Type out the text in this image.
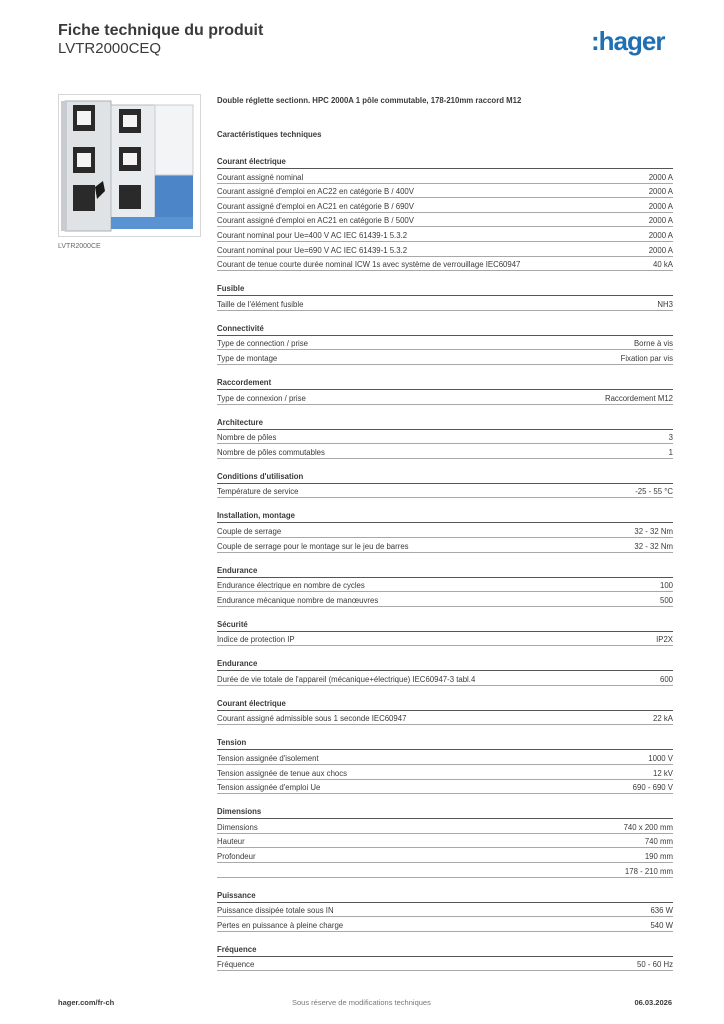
Fiche technique du produit
LVTR2000CEQ	:hager
LVTR2000CE
Double réglette sectionn. HPC 2000A 1 pôle commutable, 178-210mm raccord M12
Caractéristiques techniques
Courant électrique
Courant assigné nominal	2000 A
Courant assigné d'emploi en AC22 en catégorie B / 400V	2000 A
Courant assigné d'emploi en AC21 en catégorie B / 690V	2000 A
Courant assigné d'emploi en AC21 en catégorie B / 500V	2000 A
Courant nominal pour Ue=400 V AC IEC 61439-1 5.3.2	2000 A
Courant nominal pour Ue=690 V AC IEC 61439-1 5.3.2	2000 A
Courant de tenue courte durée nominal ICW 1s avec système de verrouillage IEC60947	40 kA
Fusible
Taille de l'élément fusible	NH3
Connectivité
Type de connection / prise	Borne à vis
Type de montage	Fixation par vis
Raccordement
Type de connexion / prise	Raccordement M12
Architecture
Nombre de pôles	3
Nombre de pôles commutables	1
Conditions d'utilisation
Température de service	-25 - 55 °C
Installation, montage
Couple de serrage	32 - 32 Nm
Couple de serrage pour le montage sur le jeu de barres	32 - 32 Nm
Endurance
Endurance électrique en nombre de cycles	100
Endurance mécanique nombre de manœuvres	500
Sécurité
Indice de protection IP	IP2X
Endurance
Durée de vie totale de l'appareil (mécanique+électrique) IEC60947-3 tabl.4	600
Courant électrique
Courant assigné admissible sous 1 seconde IEC60947	22 kA
Tension
Tension assignée d'isolement	1000 V
Tension assignée de tenue aux chocs	12 kV
Tension assignée d'emploi Ue	690 - 690 V
Dimensions
Dimensions	740 x 200 mm
Hauteur	740 mm
Profondeur	190 mm
178 - 210 mm
Puissance
Puissance dissipée totale sous IN	636 W
Pertes en puissance à pleine charge	540 W
Fréquence
Fréquence	50 - 60 Hz
hager.com/fr-ch	Sous réserve de modifications techniques	06.03.2026
